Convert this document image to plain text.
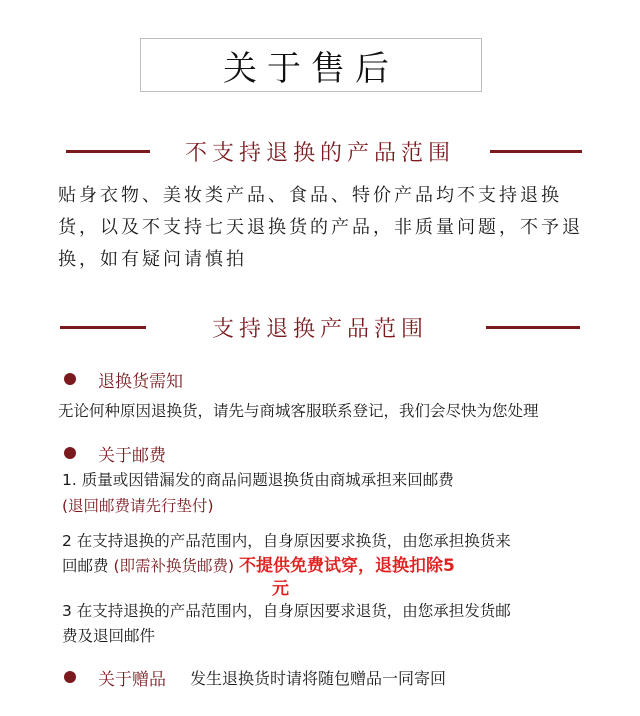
关于售后
不支持退换的产品范围
贴身衣物、美妆类产品、食品、特价产品均不支持退换货，以及不支持七天退换货的产品，非质量问题，不予退换，如有疑问请慎拍
支持退换产品范围
退换货需知
无论何种原因退换货，请先与商城客服联系登记，我们会尽快为您处理
关于邮费
1. 质量或因错漏发的商品问题退换货由商城承担来回邮费
(退回邮费请先行垫付)
2 在支持退换的产品范围内，自身原因要求换货，由您承担换货来
回邮费 (即需补换货邮费) 不提供免费试穿，退换扣除5
元
3 在支持退换的产品范围内，自身原因要求退货，由您承担发货邮
费及退回邮件
关于赠品 发生退换货时请将随包赠品一同寄回
